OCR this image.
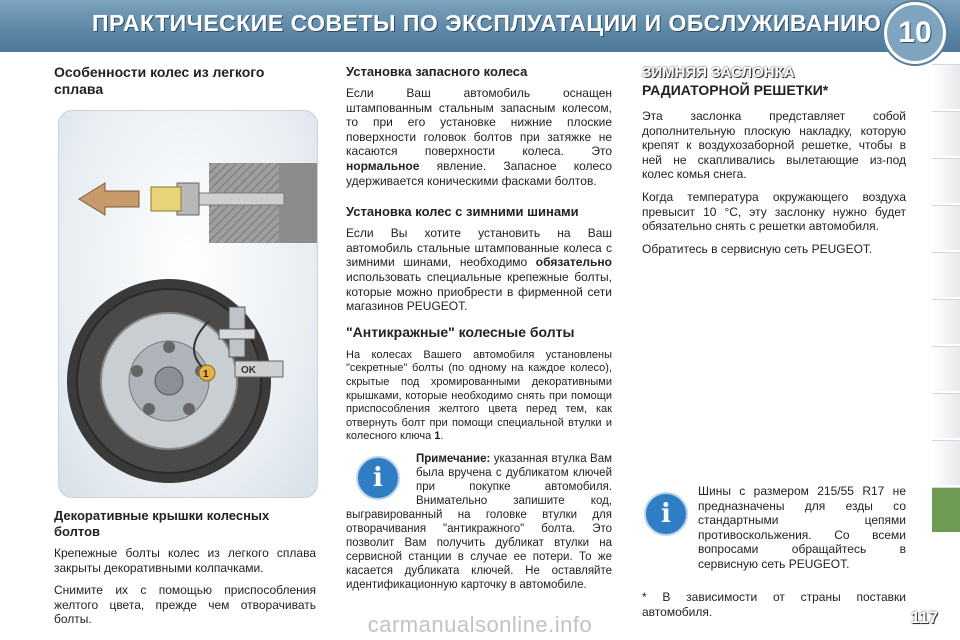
ПРАКТИЧЕСКИЕ СОВЕТЫ ПО ЭКСПЛУАТАЦИИ И ОБСЛУЖИВАНИЮ 10
Особенности колес из легкого сплава
OK
1
Декоративные крышки колесных болтов

Крепежные болты колес из легкого сплава закрыты декоративными колпачками.

Снимите их с помощью приспособления желтого цвета, прежде чем отворачивать болты.

Установка запасного колеса

Если Ваш автомобиль оснащен штампованным стальным запасным колесом, то при его установке нижние плоские поверхности головок болтов при затяжке не касаются поверхности колеса. Это нормальное явление. Запасное колесо удерживается коническими фасками болтов.

Установка колес с зимними шинами

Если Вы хотите установить на Ваш автомобиль стальные штампованные колеса с зимними шинами, необходимо обязательно использовать специальные крепежные болты, которые можно приобрести в фирменной сети магазинов PEUGEOT.

"Антикражные" колесные болты

На колесах Вашего автомобиля установлены "секретные" болты (по одному на каждое колесо), скрытые под хромированными декоративными крышками, которые необходимо снять при помощи приспособления желтого цвета перед тем, как отвернуть болт при помощи специальной втулки и колесного ключа 1.

i

Примечание: указанная втулка Вам была вручена с дубликатом ключей при покупке автомобиля. Внимательно запишите код, выгравированный на головке втулки для отворачивания "антикражного" болта. Это позволит Вам получить дубликат втулки на сервисной станции в случае ее потери. То же касается дубликата ключей. Не оставляйте идентификационную карточку в автомобиле.

ЗИМНЯЯ ЗАСЛОНКА
РАДИАТОРНОЙ РЕШЕТКИ*

Эта заслонка представляет собой дополнительную плоскую накладку, которую крепят к воздухозаборной решетке, чтобы в ней не скапливались вылетающие из-под колес комья снега.

Когда температура окружающего воздуха превысит 10 °C, эту заслонку нужно будет обязательно снять с решетки автомобиля.

Обратитесь в сервисную сеть PEUGEOT.

i

Шины с размером 215/55 R17 не предназначены для езды со стандартными цепями противоскольжения. Со всеми вопросами обращайтесь в сервисную сеть PEUGEOT.

* В зависимости от страны поставки автомобиля.

carmanualsonline.info	117
